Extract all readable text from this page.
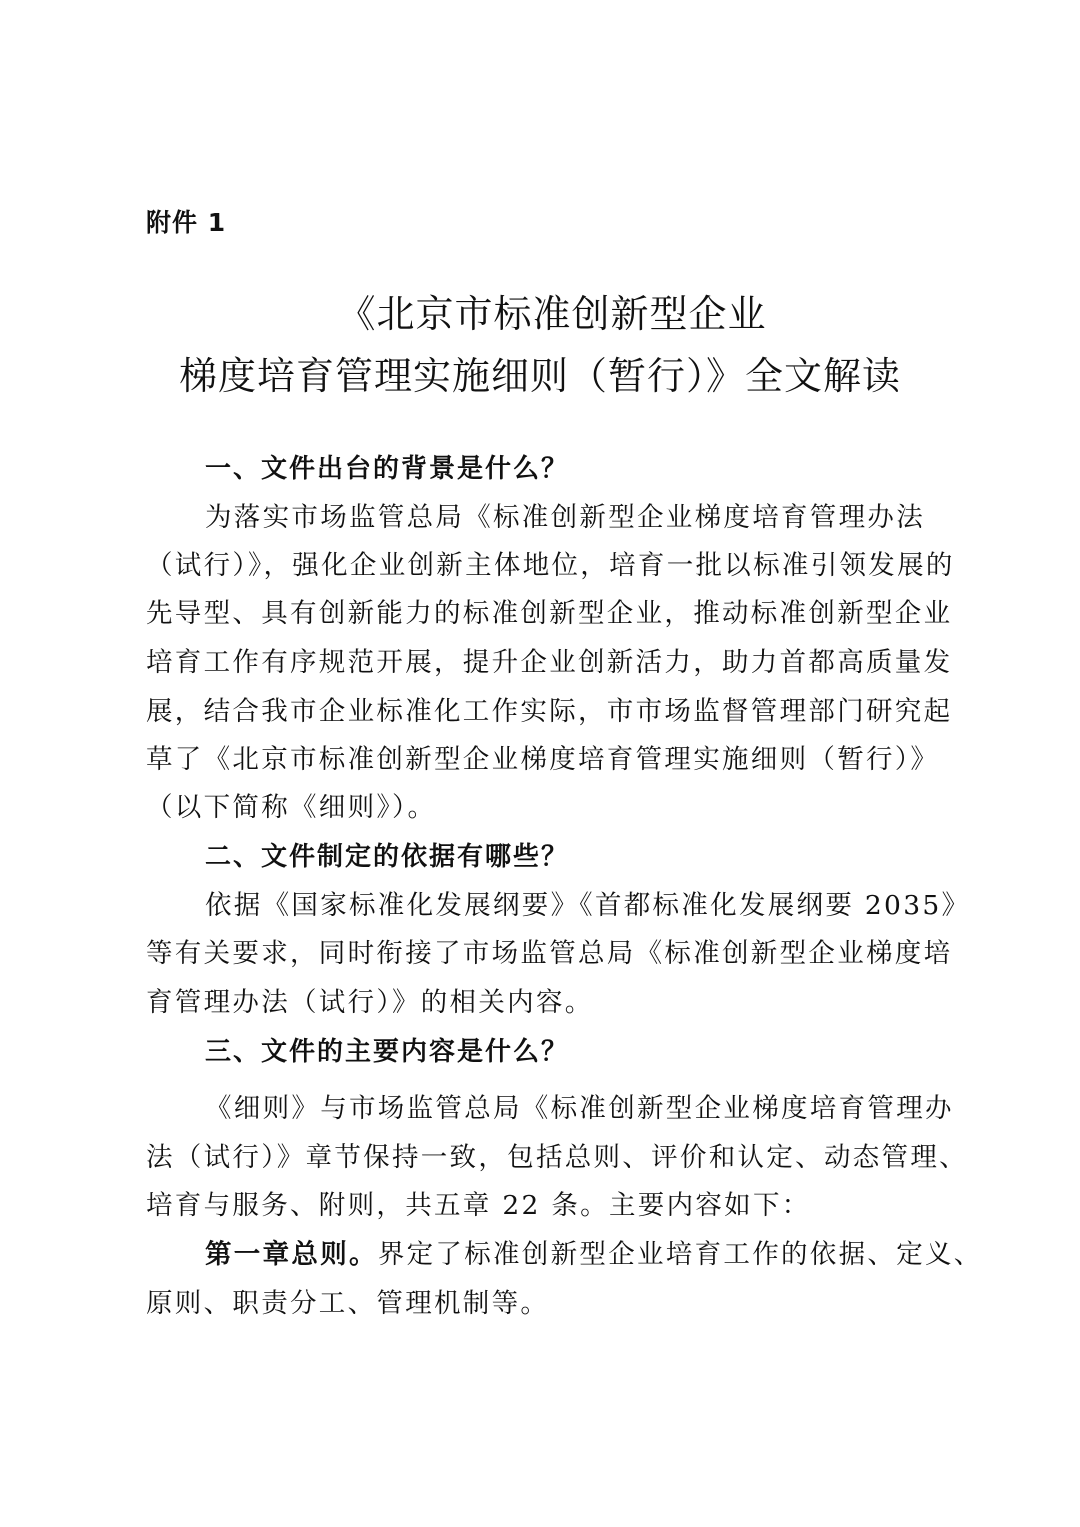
附件 1
《北京市标准创新型企业
梯度培育管理实施细则（暂行）》全文解读
一、文件出台的背景是什么？
为落实市场监管总局《标准创新型企业梯度培育管理办法
（试行）》，强化企业创新主体地位，培育一批以标准引领发展的
先导型、具有创新能力的标准创新型企业，推动标准创新型企业
培育工作有序规范开展，提升企业创新活力，助力首都高质量发
展，结合我市企业标准化工作实际，市市场监督管理部门研究起
草了《北京市标准创新型企业梯度培育管理实施细则（暂行）》
（以下简称《细则》）。
二、文件制定的依据有哪些？
依据《国家标准化发展纲要》《首都标准化发展纲要 2035》
等有关要求，同时衔接了市场监管总局《标准创新型企业梯度培
育管理办法（试行）》的相关内容。
三、文件的主要内容是什么？
《细则》与市场监管总局《标准创新型企业梯度培育管理办
法（试行）》章节保持一致，包括总则、评价和认定、动态管理、
培育与服务、附则，共五章 22 条。主要内容如下：
第一章总则。界定了标准创新型企业培育工作的依据、定义、
原则、职责分工、管理机制等。
